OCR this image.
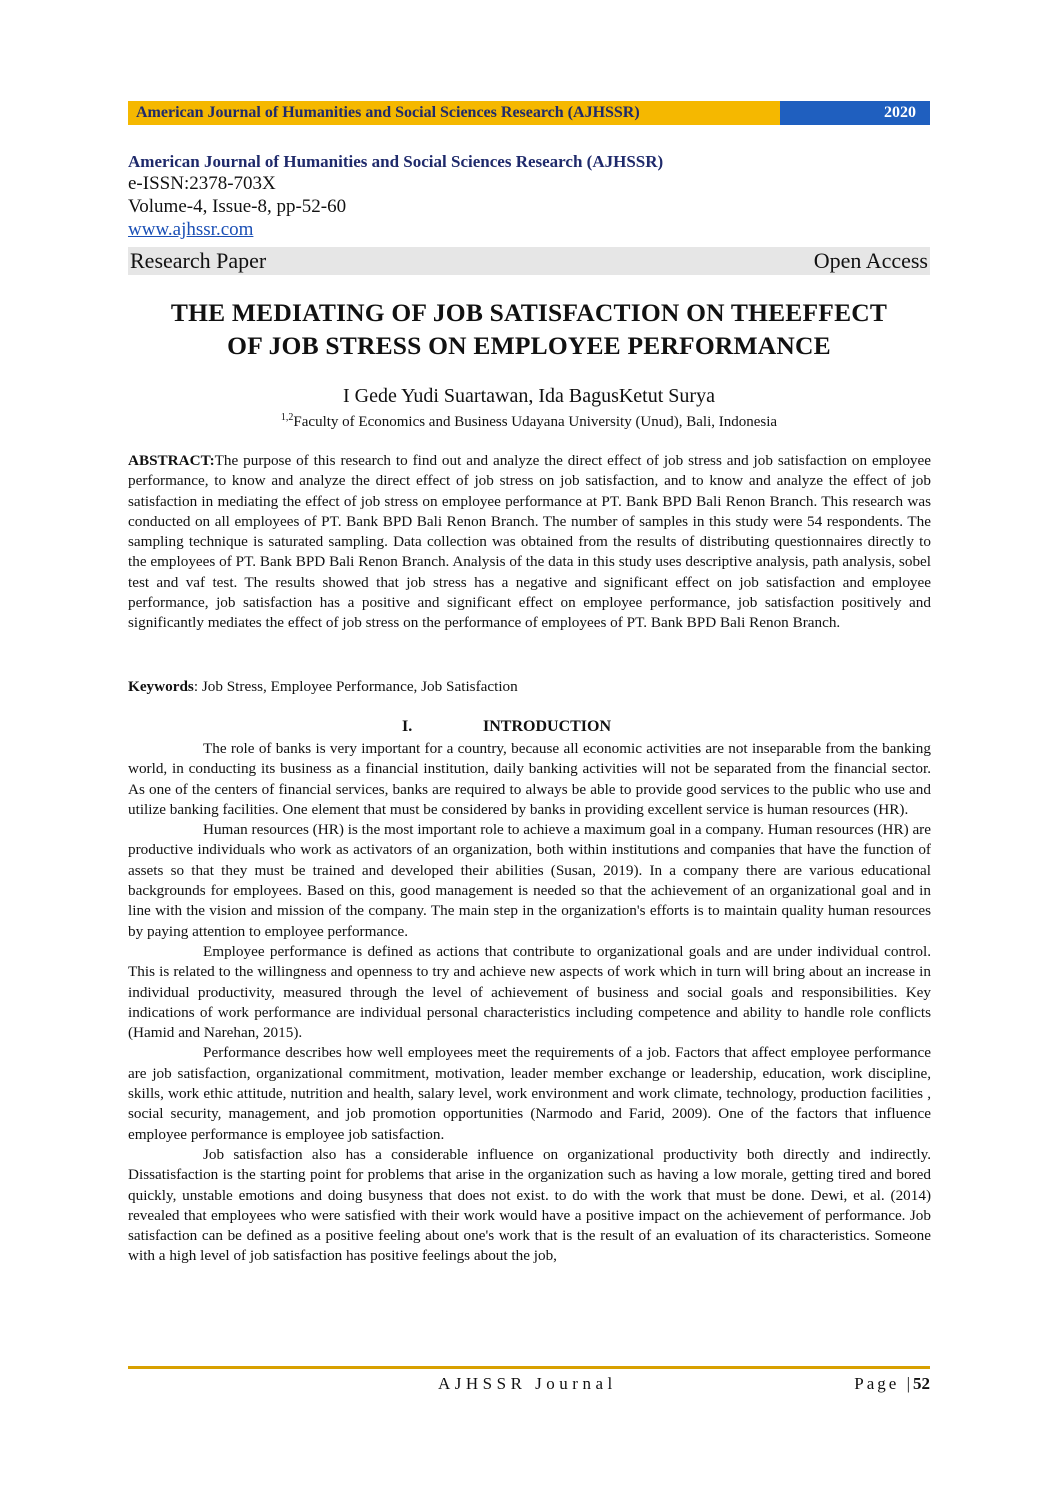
American Journal of Humanities and Social Sciences Research (AJHSSR)	2020
American Journal of Humanities and Social Sciences Research (AJHSSR)
e-ISSN:2378-703X
Volume-4, Issue-8, pp-52-60
www.ajhssr.com
Research Paper	Open Access
THE MEDIATING OF JOB SATISFACTION ON THEEFFECT
OF JOB STRESS ON EMPLOYEE PERFORMANCE
I Gede Yudi Suartawan, Ida BagusKetut Surya
$^{1,2}$Faculty of Economics and Business Udayana University (Unud), Bali, Indonesia
ABSTRACT:The purpose of this research to find out and analyze the direct effect of job stress and job satisfaction on employee performance, to know and analyze the direct effect of job stress on job satisfaction, and to know and analyze the effect of job satisfaction in mediating the effect of job stress on employee performance at PT. Bank BPD Bali Renon Branch. This research was conducted on all employees of PT. Bank BPD Bali Renon Branch. The number of samples in this study were 54 respondents. The sampling technique is saturated sampling. Data collection was obtained from the results of distributing questionnaires directly to the employees of PT. Bank BPD Bali Renon Branch. Analysis of the data in this study uses descriptive analysis, path analysis, sobel test and vaf test. The results showed that job stress has a negative and significant effect on job satisfaction and employee performance, job satisfaction has a positive and significant effect on employee performance, job satisfaction positively and significantly mediates the effect of job stress on the performance of employees of PT. Bank BPD Bali Renon Branch.
Keywords: Job Stress, Employee Performance, Job Satisfaction
I.	INTRODUCTION

The role of banks is very important for a country, because all economic activities are not inseparable from the banking world, in conducting its business as a financial institution, daily banking activities will not be separated from the financial sector. As one of the centers of financial services, banks are required to always be able to provide good services to the public who use and utilize banking facilities. One element that must be considered by banks in providing excellent service is human resources (HR).

Human resources (HR) is the most important role to achieve a maximum goal in a company. Human resources (HR) are productive individuals who work as activators of an organization, both within institutions and companies that have the function of assets so that they must be trained and developed their abilities (Susan, 2019). In a company there are various educational backgrounds for employees. Based on this, good management is needed so that the achievement of an organizational goal and in line with the vision and mission of the company. The main step in the organization's efforts is to maintain quality human resources by paying attention to employee performance.

Employee performance is defined as actions that contribute to organizational goals and are under individual control. This is related to the willingness and openness to try and achieve new aspects of work which in turn will bring about an increase in individual productivity, measured through the level of achievement of business and social goals and responsibilities. Key indications of work performance are individual personal characteristics including competence and ability to handle role conflicts (Hamid and Narehan, 2015).

Performance describes how well employees meet the requirements of a job. Factors that affect employee performance are job satisfaction, organizational commitment, motivation, leader member exchange or leadership, education, work discipline, skills, work ethic attitude, nutrition and health, salary level, work environment and work climate, technology, production facilities , social security, management, and job promotion opportunities (Narmodo and Farid, 2009). One of the factors that influence employee performance is employee job satisfaction.

Job satisfaction also has a considerable influence on organizational productivity both directly and indirectly. Dissatisfaction is the starting point for problems that arise in the organization such as having a low morale, getting tired and bored quickly, unstable emotions and doing busyness that does not exist. to do with the work that must be done. Dewi, et al. (2014) revealed that employees who were satisfied with their work would have a positive impact on the achievement of performance. Job satisfaction can be defined as a positive feeling about one's work that is the result of an evaluation of its characteristics. Someone with a high level of job satisfaction has positive feelings about the job,

AJHSSR Journal	Page |52
